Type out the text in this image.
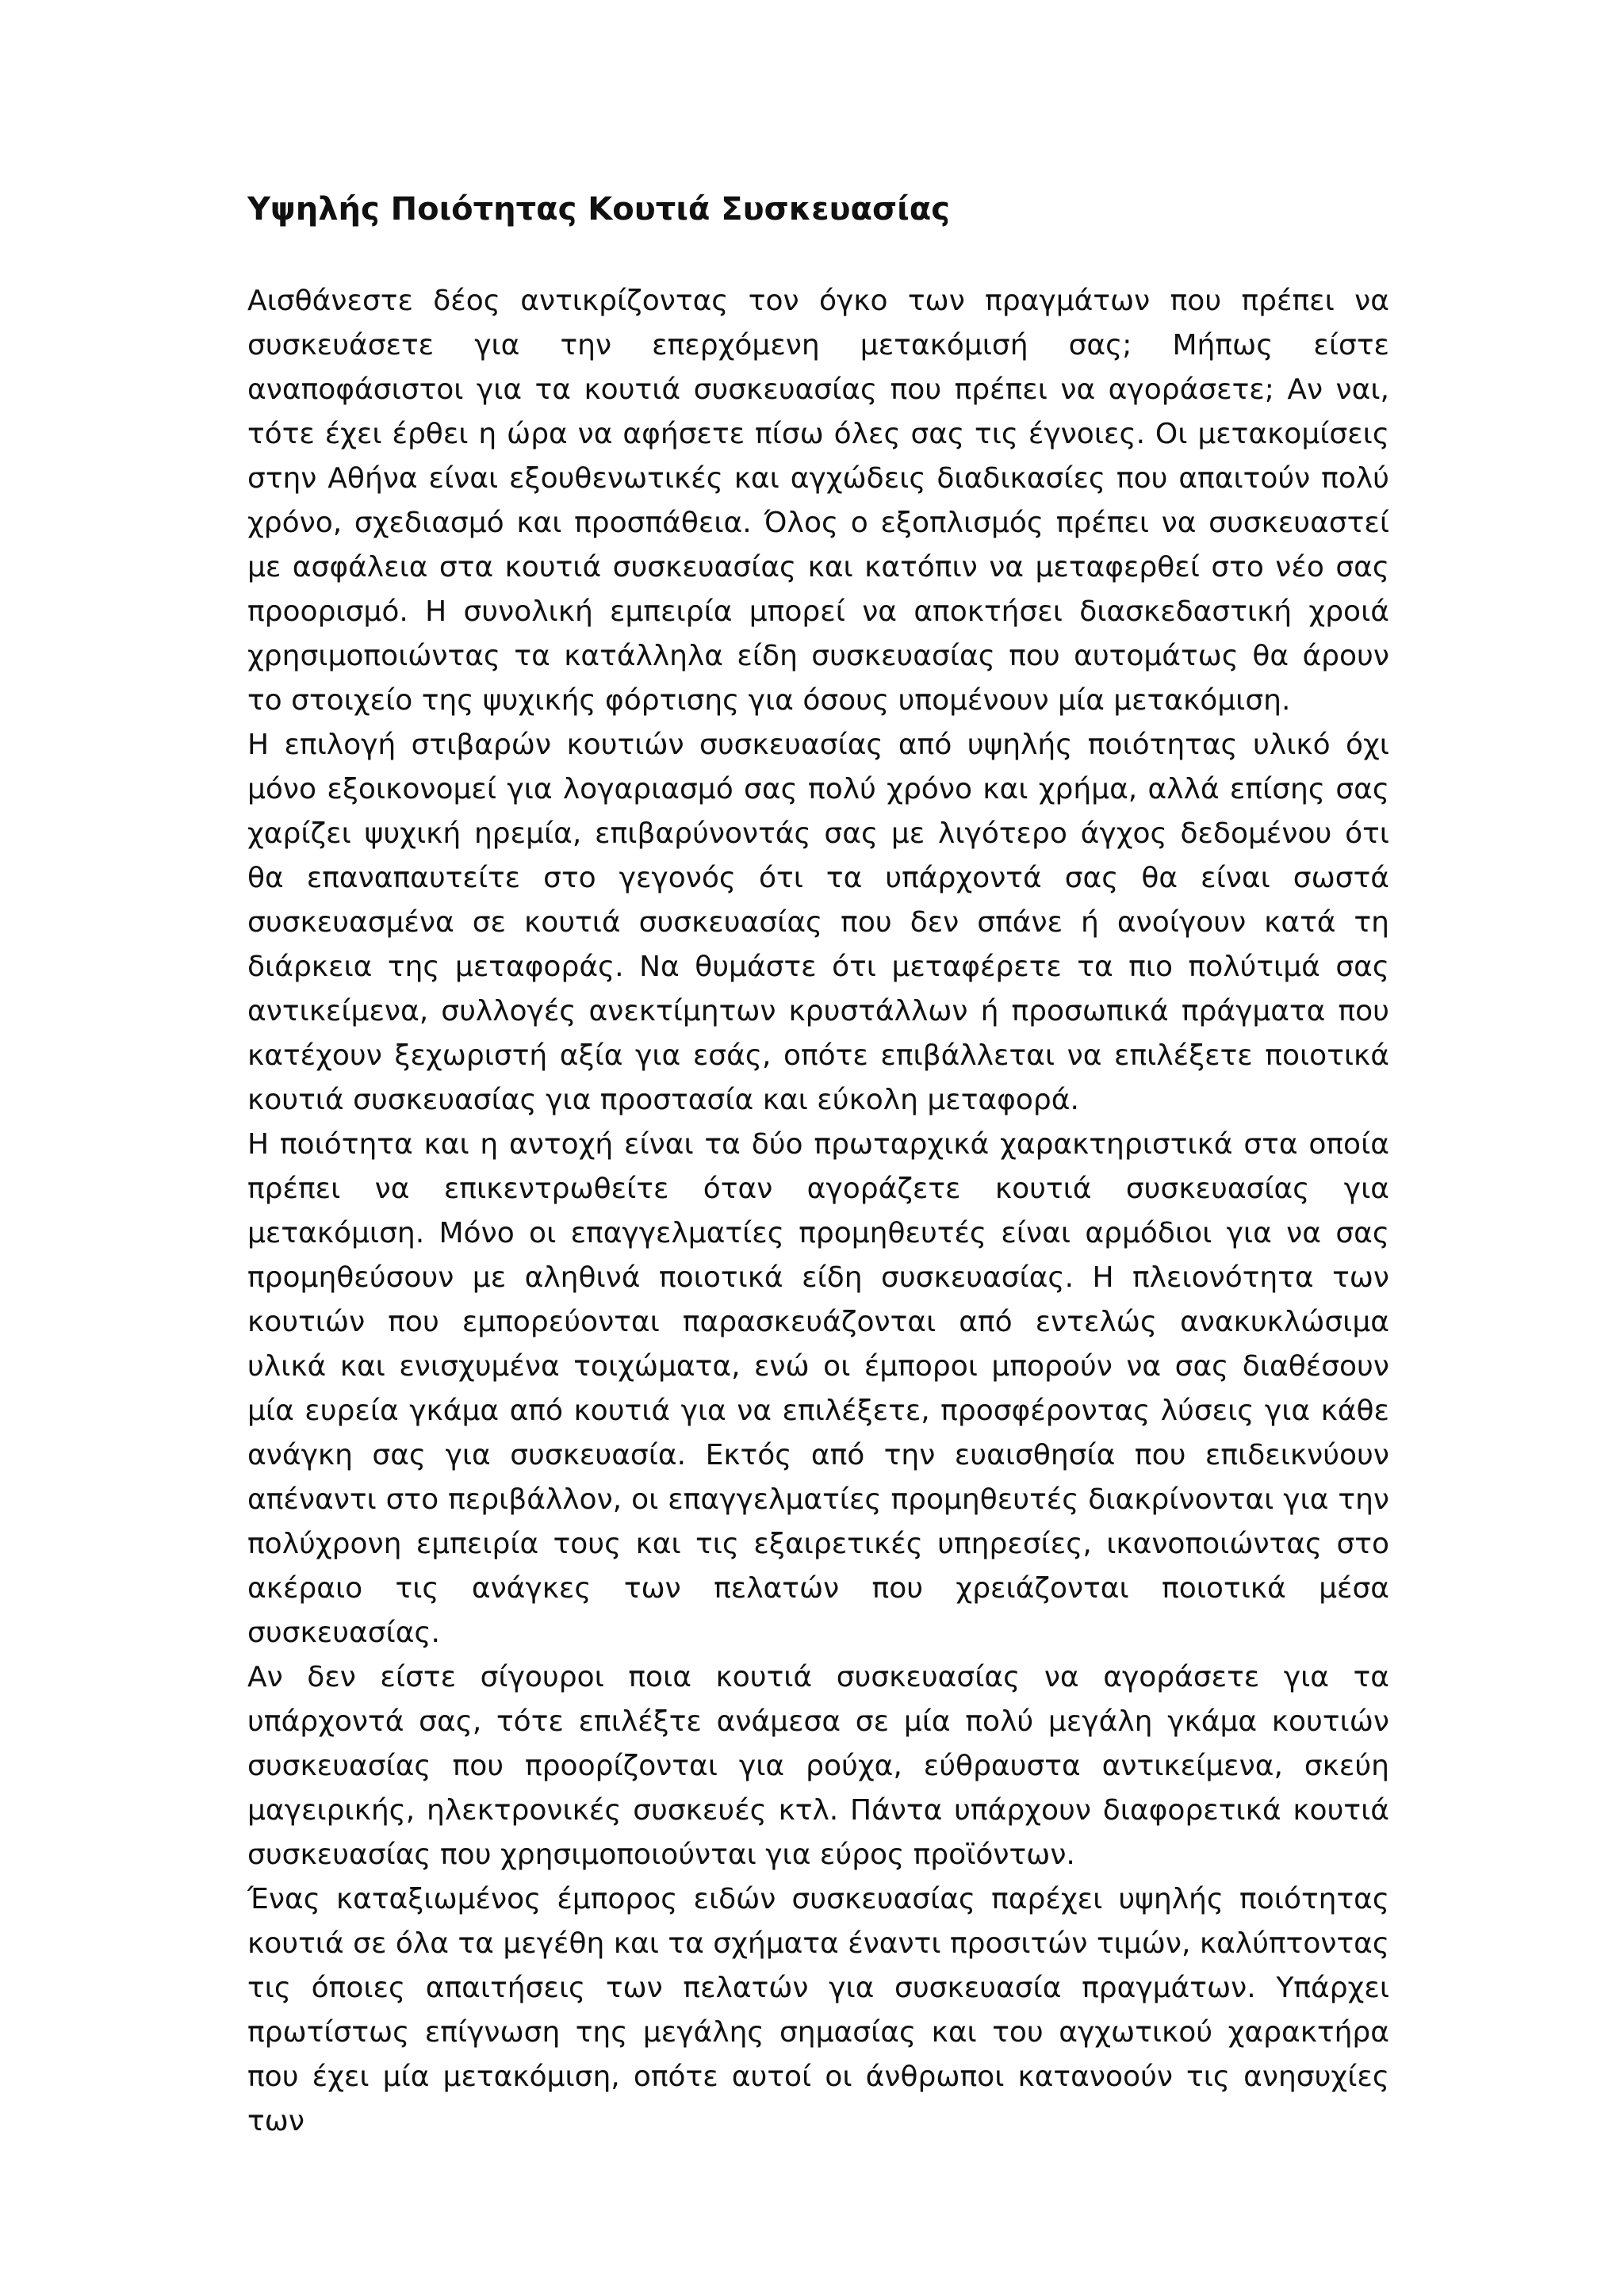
Υψηλής Ποιότητας Κουτιά Συσκευασίας

Αισθάνεστε δέος αντικρίζοντας τον όγκο των πραγμάτων που πρέπει να συσκευάσετε για την επερχόμενη μετακόμισή σας; Μήπως είστε αναποφάσιστοι για τα κουτιά συσκευασίας που πρέπει να αγοράσετε; Αν ναι, τότε έχει έρθει η ώρα να αφήσετε πίσω όλες σας τις έγνοιες. Οι μετακομίσεις στην Αθήνα είναι εξουθενωτικές και αγχώδεις διαδικασίες που απαιτούν πολύ χρόνο, σχεδιασμό και προσπάθεια. Όλος ο εξοπλισμός πρέπει να συσκευαστεί με ασφάλεια στα κουτιά συσκευασίας και κατόπιν να μεταφερθεί στο νέο σας προορισμό. Η συνολική εμπειρία μπορεί να αποκτήσει διασκεδαστική χροιά χρησιμοποιώντας τα κατάλληλα είδη συσκευασίας που αυτομάτως θα άρουν το στοιχείο της ψυχικής φόρτισης για όσους υπομένουν μία μετακόμιση.

Η επιλογή στιβαρών κουτιών συσκευασίας από υψηλής ποιότητας υλικό όχι μόνο εξοικονομεί για λογαριασμό σας πολύ χρόνο και χρήμα, αλλά επίσης σας χαρίζει ψυχική ηρεμία, επιβαρύνοντάς σας με λιγότερο άγχος δεδομένου ότι θα επαναπαυτείτε στο γεγονός ότι τα υπάρχοντά σας θα είναι σωστά συσκευασμένα σε κουτιά συσκευασίας που δεν σπάνε ή ανοίγουν κατά τη διάρκεια της μεταφοράς. Να θυμάστε ότι μεταφέρετε τα πιο πολύτιμά σας αντικείμενα, συλλογές ανεκτίμητων κρυστάλλων ή προσωπικά πράγματα που κατέχουν ξεχωριστή αξία για εσάς, οπότε επιβάλλεται να επιλέξετε ποιοτικά κουτιά συσκευασίας για προστασία και εύκολη μεταφορά.

Η ποιότητα και η αντοχή είναι τα δύο πρωταρχικά χαρακτηριστικά στα οποία πρέπει να επικεντρωθείτε όταν αγοράζετε κουτιά συσκευασίας για μετακόμιση. Μόνο οι επαγγελματίες προμηθευτές είναι αρμόδιοι για να σας προμηθεύσουν με αληθινά ποιοτικά είδη συσκευασίας. Η πλειονότητα των κουτιών που εμπορεύονται παρασκευάζονται από εντελώς ανακυκλώσιμα υλικά και ενισχυμένα τοιχώματα, ενώ οι έμποροι μπορούν να σας διαθέσουν μία ευρεία γκάμα από κουτιά για να επιλέξετε, προσφέροντας λύσεις για κάθε ανάγκη σας για συσκευασία. Εκτός από την ευαισθησία που επιδεικνύουν απέναντι στο περιβάλλον, οι επαγγελματίες προμηθευτές διακρίνονται για την πολύχρονη εμπειρία τους και τις εξαιρετικές υπηρεσίες, ικανοποιώντας στο ακέραιο τις ανάγκες των πελατών που χρειάζονται ποιοτικά μέσα συσκευασίας.

Αν δεν είστε σίγουροι ποια κουτιά συσκευασίας να αγοράσετε για τα υπάρχοντά σας, τότε επιλέξτε ανάμεσα σε μία πολύ μεγάλη γκάμα κουτιών συσκευασίας που προορίζονται για ρούχα, εύθραυστα αντικείμενα, σκεύη μαγειρικής, ηλεκτρονικές συσκευές κτλ. Πάντα υπάρχουν διαφορετικά κουτιά συσκευασίας που χρησιμοποιούνται για εύρος προϊόντων.

Ένας καταξιωμένος έμπορος ειδών συσκευασίας παρέχει υψηλής ποιότητας κουτιά σε όλα τα μεγέθη και τα σχήματα έναντι προσιτών τιμών, καλύπτοντας τις όποιες απαιτήσεις των πελατών για συσκευασία πραγμάτων. Υπάρχει πρωτίστως επίγνωση της μεγάλης σημασίας και του αγχωτικού χαρακτήρα που έχει μία μετακόμιση, οπότε αυτοί οι άνθρωποι κατανοούν τις ανησυχίες των
